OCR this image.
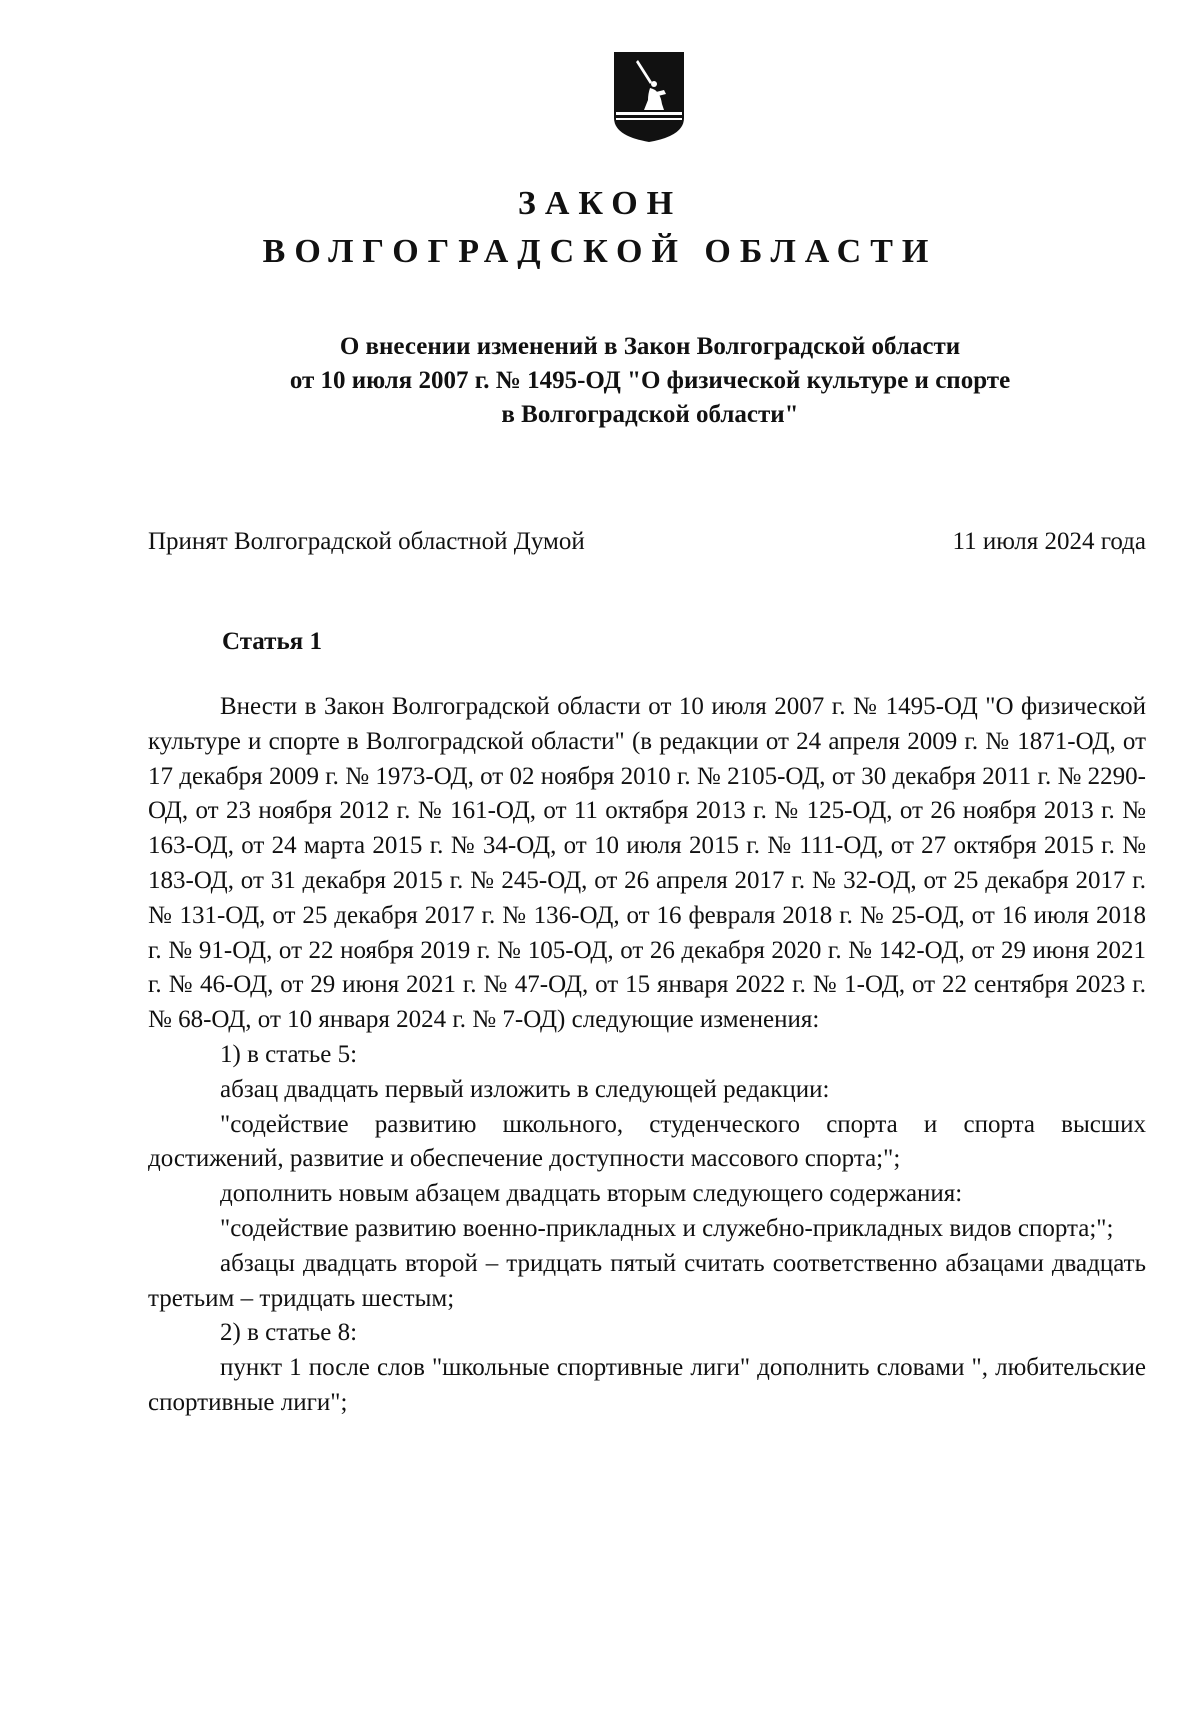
ЗАКОН
ВОЛГОГРАДСКОЙ ОБЛАСТИ
О внесении изменений в Закон Волгоградской области
от 10 июля 2007 г. № 1495-ОД "О физической культуре и спорте
в Волгоградской области"
Принят Волгоградской областной Думой	11 июля 2024 года
Статья 1

Внести в Закон Волгоградской области от 10 июля 2007 г. № 1495-ОД "О физической культуре и спорте в Волгоградской области" (в редакции от 24 апреля 2009 г. № 1871-ОД, от 17 декабря 2009 г. № 1973-ОД, от 02 ноября 2010 г. № 2105-ОД, от 30 декабря 2011 г. № 2290-ОД, от 23 ноября 2012 г. № 161-ОД, от 11 октября 2013 г. № 125-ОД, от 26 ноября 2013 г. № 163-ОД, от 24 марта 2015 г. № 34-ОД, от 10 июля 2015 г. № 111-ОД, от 27 октября 2015 г. № 183-ОД, от 31 декабря 2015 г. № 245-ОД, от 26 апреля 2017 г. № 32-ОД, от 25 декабря 2017 г. № 131-ОД, от 25 декабря 2017 г. № 136-ОД, от 16 февраля 2018 г. № 25-ОД, от 16 июля 2018 г. № 91-ОД, от 22 ноября 2019 г. № 105-ОД, от 26 декабря 2020 г. № 142-ОД, от 29 июня 2021 г. № 46-ОД, от 29 июня 2021 г. № 47-ОД, от 15 января 2022 г. № 1-ОД, от 22 сентября 2023 г. № 68-ОД, от 10 января 2024 г. № 7-ОД) следующие изменения:

1) в статье 5:

абзац двадцать первый изложить в следующей редакции:

"содействие развитию школьного, студенческого спорта и спорта высших достижений, развитие и обеспечение доступности массового спорта;";

дополнить новым абзацем двадцать вторым следующего содержания:

"содействие развитию военно-прикладных и служебно-прикладных видов спорта;";

абзацы двадцать второй – тридцать пятый считать соответственно абзацами двадцать третьим – тридцать шестым;

2) в статье 8:

пункт 1 после слов "школьные спортивные лиги" дополнить словами ", любительские спортивные лиги";
